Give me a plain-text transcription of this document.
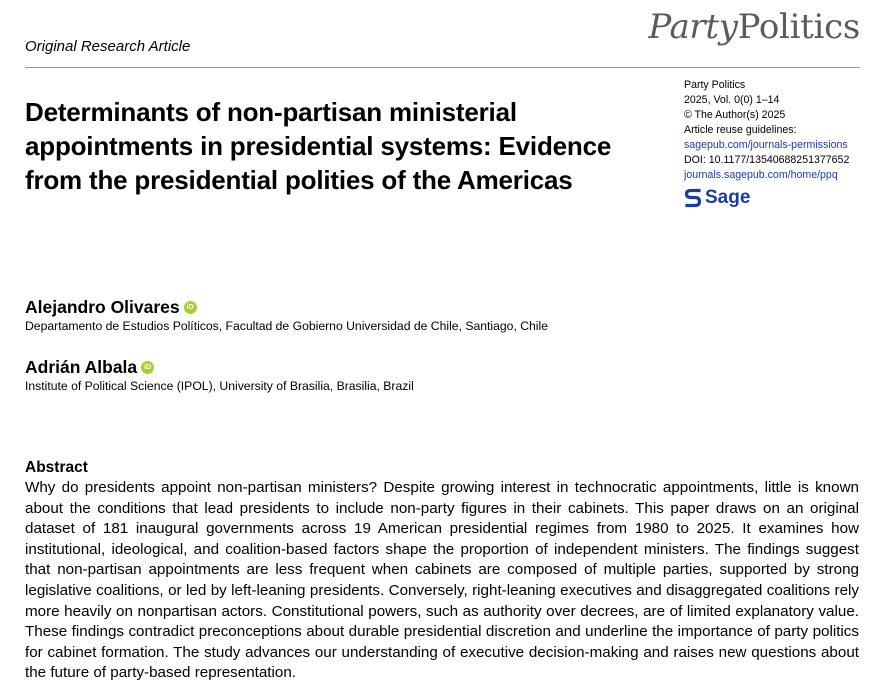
Original Research Article	PartyPolitics
Determinants of non-partisan ministerial appointments in presidential systems: Evidence from the presidential polities of the Americas
Party Politics
2025, Vol. 0(0) 1–14
© The Author(s) 2025
Article reuse guidelines:
sagepub.com/journals-permissions
DOI: 10.1177/13540688251377652
journals.sagepub.com/home/ppq
Sage
Alejandro Olivares	iD
Departamento de Estudios Políticos, Facultad de Gobierno Universidad de Chile, Santiago, Chile
Adrián Albala	iD
Institute of Political Science (IPOL), University of Brasilia, Brasilia, Brazil
Abstract

Why do presidents appoint non-partisan ministers? Despite growing interest in technocratic appointments, little is known about the conditions that lead presidents to include non-party figures in their cabinets. This paper draws on an original dataset of 181 inaugural governments across 19 American presidential regimes from 1980 to 2025. It examines how institutional, ideological, and coalition-based factors shape the proportion of independent ministers. The findings suggest that non-partisan appointments are less frequent when cabinets are composed of multiple parties, supported by strong legislative coalitions, or led by left-leaning presidents. Conversely, right-leaning executives and disaggregated coalitions rely more heavily on nonpartisan actors. Constitutional powers, such as authority over decrees, are of limited explanatory value. These findings contradict preconceptions about durable presidential discretion and underline the importance of party politics for cabinet formation. The study advances our understanding of executive decision-making and raises new questions about the future of party-based representation.
